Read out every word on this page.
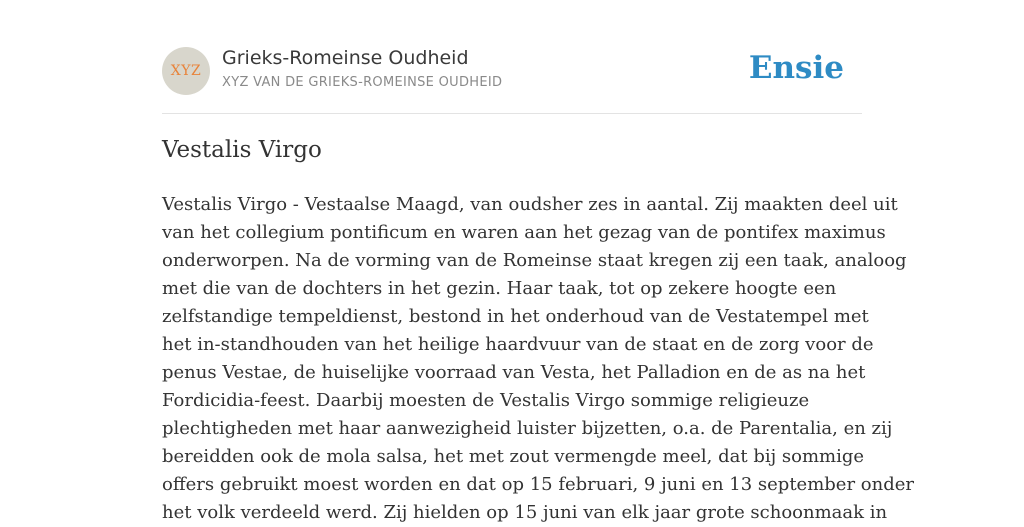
XYZ
Grieks-Romeinse Oudheid
XYZ VAN DE GRIEKS-ROMEINSE OUDHEID	Ensie
Vestalis Virgo
Vestalis Virgo - Vestaalse Maagd, van oudsher zes in aantal. Zij maakten deel uit
van het collegium pontificum en waren aan het gezag van de pontifex maximus
onderworpen. Na de vorming van de Romeinse staat kregen zij een taak, analoog
met die van de dochters in het gezin. Haar taak, tot op zekere hoogte een
zelfstandige tempeldienst, bestond in het onderhoud van de Vestatempel met
het in-standhouden van het heilige haardvuur van de staat en de zorg voor de
penus Vestae, de huiselijke voorraad van Vesta, het Palladion en de as na het
Fordicidia-feest. Daarbij moesten de Vestalis Virgo sommige religieuze
plechtigheden met haar aanwezigheid luister bijzetten, o.a. de Parentalia, en zij
bereidden ook de mola salsa, het met zout vermengde meel, dat bij sommige
offers gebruikt moest worden en dat op 15 februari, 9 juni en 13 september onder
het volk verdeeld werd. Zij hielden op 15 juni van elk jaar grote schoonmaak in
